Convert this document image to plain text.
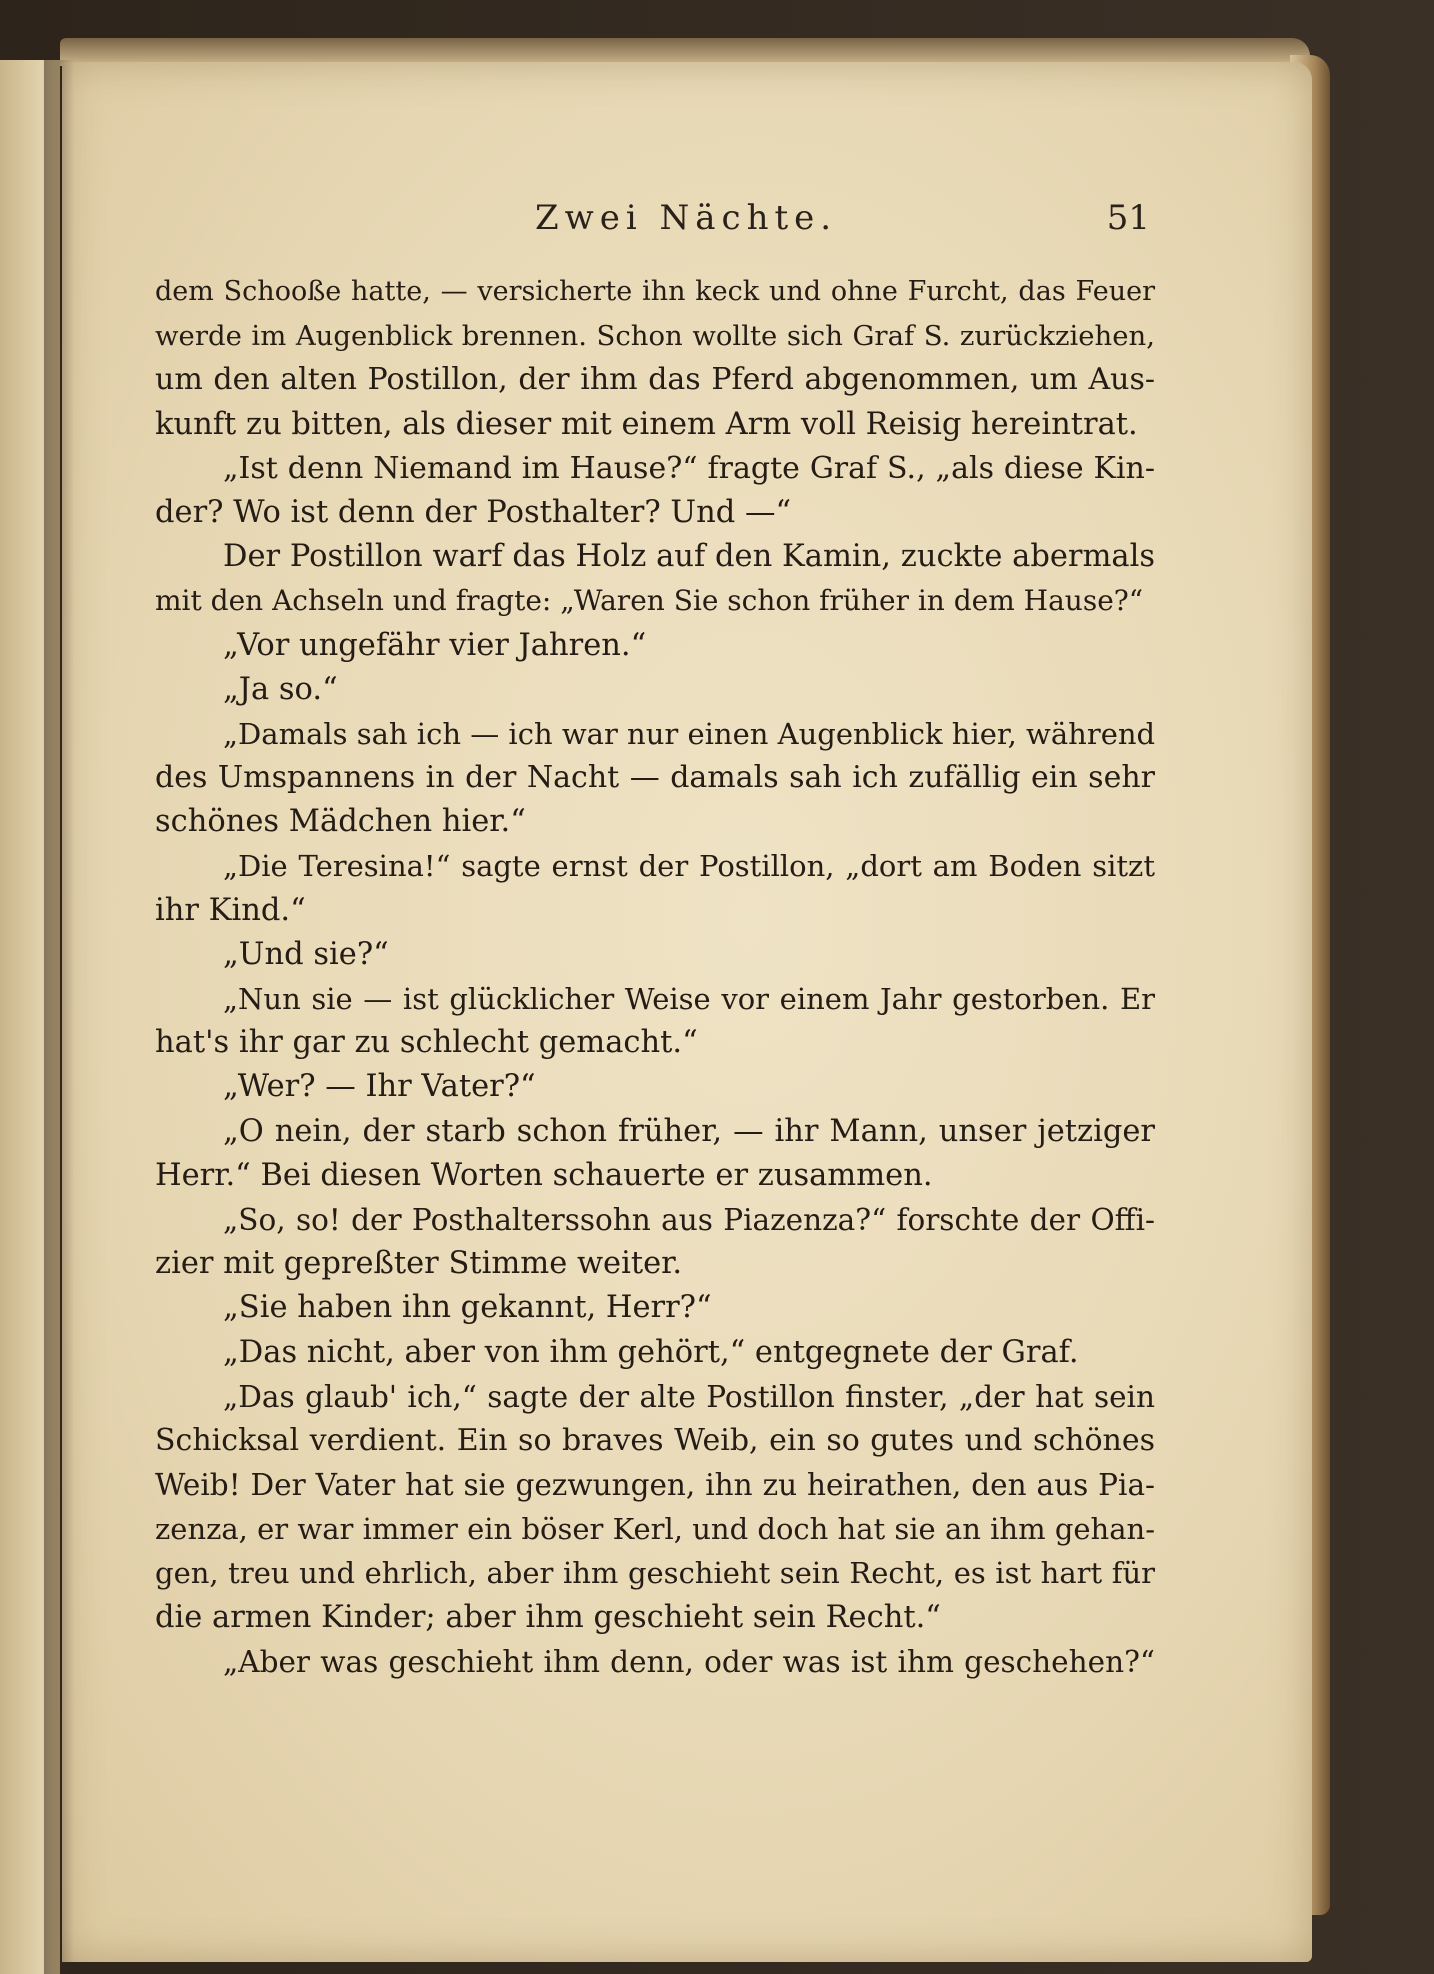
Zwei Nächte.	51
dem Schooße hatte, — versicherte ihn keck und ohne Furcht, das Feuer
werde im Augenblick brennen. Schon wollte sich Graf S. zurückziehen,
um den alten Postillon, der ihm das Pferd abgenommen, um Aus-
kunft zu bitten, als dieser mit einem Arm voll Reisig hereintrat.
„Ist denn Niemand im Hause?“ fragte Graf S., „als diese Kin-
der? Wo ist denn der Posthalter? Und —“
Der Postillon warf das Holz auf den Kamin, zuckte abermals
mit den Achseln und fragte: „Waren Sie schon früher in dem Hause?“
„Vor ungefähr vier Jahren.“
„Ja so.“
„Damals sah ich — ich war nur einen Augenblick hier, während
des Umspannens in der Nacht — damals sah ich zufällig ein sehr
schönes Mädchen hier.“
„Die Teresina!“ sagte ernst der Postillon, „dort am Boden sitzt
ihr Kind.“
„Und sie?“
„Nun sie — ist glücklicher Weise vor einem Jahr gestorben. Er
hat's ihr gar zu schlecht gemacht.“
„Wer? — Ihr Vater?“
„O nein, der starb schon früher, — ihr Mann, unser jetziger
Herr.“ Bei diesen Worten schauerte er zusammen.
„So, so! der Posthalterssohn aus Piazenza?“ forschte der Offi-
zier mit gepreßter Stimme weiter.
„Sie haben ihn gekannt, Herr?“
„Das nicht, aber von ihm gehört,“ entgegnete der Graf.
„Das glaub' ich,“ sagte der alte Postillon finster, „der hat sein
Schicksal verdient. Ein so braves Weib, ein so gutes und schönes
Weib! Der Vater hat sie gezwungen, ihn zu heirathen, den aus Pia-
zenza, er war immer ein böser Kerl, und doch hat sie an ihm gehan-
gen, treu und ehrlich, aber ihm geschieht sein Recht, es ist hart für
die armen Kinder; aber ihm geschieht sein Recht.“
„Aber was geschieht ihm denn, oder was ist ihm geschehen?“
